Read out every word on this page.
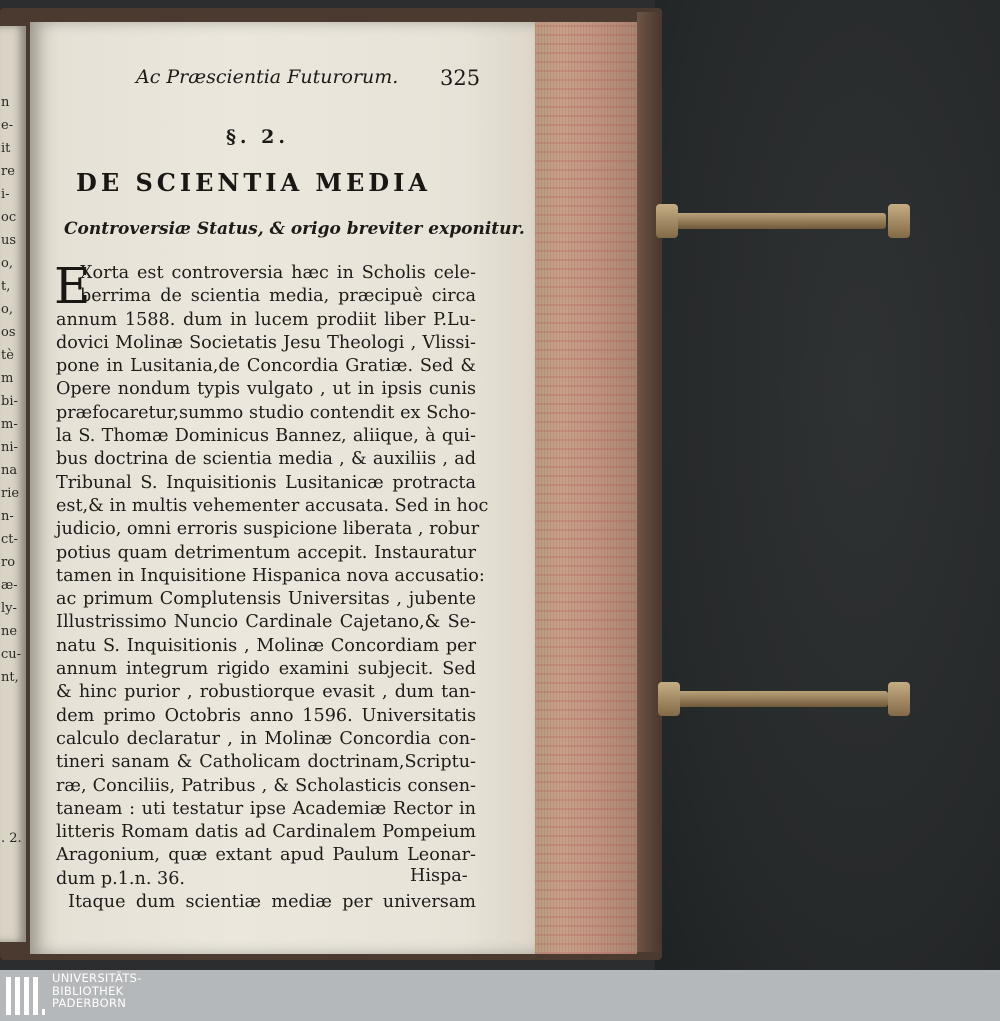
n
e-
it
re
i-
oc
us
o,
t,
o,
os
tè
m
bi-
m-
ni-
na
rie
n-
ct-
ro
æ-
ly-
ne
cu-
nt,
. 2.
Ac Præscientia Futurorum. 325
§. 2.
DE SCIENTIA MEDIA
Controversiæ Status, & origo breviter exponitur.
E
Xorta est controversia hæc in Scholis cele-
berrima de scientia media, præcipuè circa
annum 1588. dum in lucem prodiit liber P.Lu-
dovici Molinæ Societatis Jesu Theologi , Vlissi-
pone in Lusitania,de Concordia Gratiæ. Sed &
Opere nondum typis vulgato , ut in ipsis cunis
præfocaretur,summo studio contendit ex Scho-
la S. Thomæ Dominicus Bannez, aliique, à qui-
bus doctrina de scientia media , & auxiliis , ad
Tribunal S. Inquisitionis Lusitanicæ protracta
est,& in multis vehementer accusata. Sed in hoc
judicio, omni erroris suspicione liberata , robur
potius quam detrimentum accepit. Instauratur
tamen in Inquisitione Hispanica nova accusatio:
ac primum Complutensis Universitas , jubente
Illustrissimo Nuncio Cardinale Cajetano,& Se-
natu S. Inquisitionis , Molinæ Concordiam per
annum integrum rigido examini subjecit. Sed
& hinc purior , robustiorque evasit , dum tan-
dem primo Octobris anno 1596. Universitatis
calculo declaratur , in Molinæ Concordia con-
tineri sanam & Catholicam doctrinam,Scriptu-
ræ, Conciliis, Patribus , & Scholasticis consen-
taneam : uti testatur ipse Academiæ Rector in
litteris Romam datis ad Cardinalem Pompeium
Aragonium, quæ extant apud Paulum Leonar-
dum p.1.n. 36.
Itaque dum scientiæ mediæ per universam
Hispa-
UNIVERSITÄTS-
BIBLIOTHEK
PADERBORN
